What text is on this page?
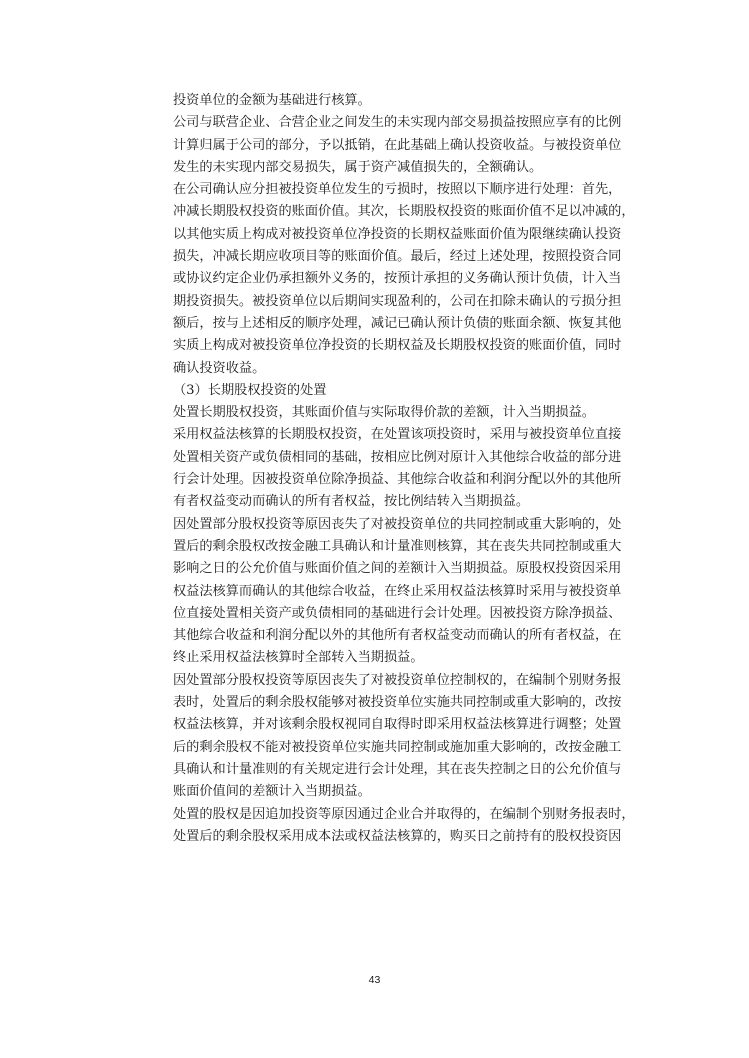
投资单位的金额为基础进行核算。
公司与联营企业、合营企业之间发生的未实现内部交易损益按照应享有的比例
计算归属于公司的部分，予以抵销，在此基础上确认投资收益。与被投资单位
发生的未实现内部交易损失，属于资产减值损失的，全额确认。
在公司确认应分担被投资单位发生的亏损时，按照以下顺序进行处理：首先，
冲减长期股权投资的账面价值。其次，长期股权投资的账面价值不足以冲减的，
以其他实质上构成对被投资单位净投资的长期权益账面价值为限继续确认投资
损失，冲减长期应收项目等的账面价值。最后，经过上述处理，按照投资合同
或协议约定企业仍承担额外义务的，按预计承担的义务确认预计负债，计入当
期投资损失。被投资单位以后期间实现盈利的，公司在扣除未确认的亏损分担
额后，按与上述相反的顺序处理，减记已确认预计负债的账面余额、恢复其他
实质上构成对被投资单位净投资的长期权益及长期股权投资的账面价值，同时
确认投资收益。
（3）长期股权投资的处置
处置长期股权投资，其账面价值与实际取得价款的差额，计入当期损益。
采用权益法核算的长期股权投资，在处置该项投资时，采用与被投资单位直接
处置相关资产或负债相同的基础，按相应比例对原计入其他综合收益的部分进
行会计处理。因被投资单位除净损益、其他综合收益和利润分配以外的其他所
有者权益变动而确认的所有者权益，按比例结转入当期损益。
因处置部分股权投资等原因丧失了对被投资单位的共同控制或重大影响的，处
置后的剩余股权改按金融工具确认和计量准则核算，其在丧失共同控制或重大
影响之日的公允价值与账面价值之间的差额计入当期损益。原股权投资因采用
权益法核算而确认的其他综合收益，在终止采用权益法核算时采用与被投资单
位直接处置相关资产或负债相同的基础进行会计处理。因被投资方除净损益、
其他综合收益和利润分配以外的其他所有者权益变动而确认的所有者权益，在
终止采用权益法核算时全部转入当期损益。
因处置部分股权投资等原因丧失了对被投资单位控制权的，在编制个别财务报
表时，处置后的剩余股权能够对被投资单位实施共同控制或重大影响的，改按
权益法核算，并对该剩余股权视同自取得时即采用权益法核算进行调整；处置
后的剩余股权不能对被投资单位实施共同控制或施加重大影响的，改按金融工
具确认和计量准则的有关规定进行会计处理，其在丧失控制之日的公允价值与
账面价值间的差额计入当期损益。
处置的股权是因追加投资等原因通过企业合并取得的，在编制个别财务报表时，
处置后的剩余股权采用成本法或权益法核算的，购买日之前持有的股权投资因
43
